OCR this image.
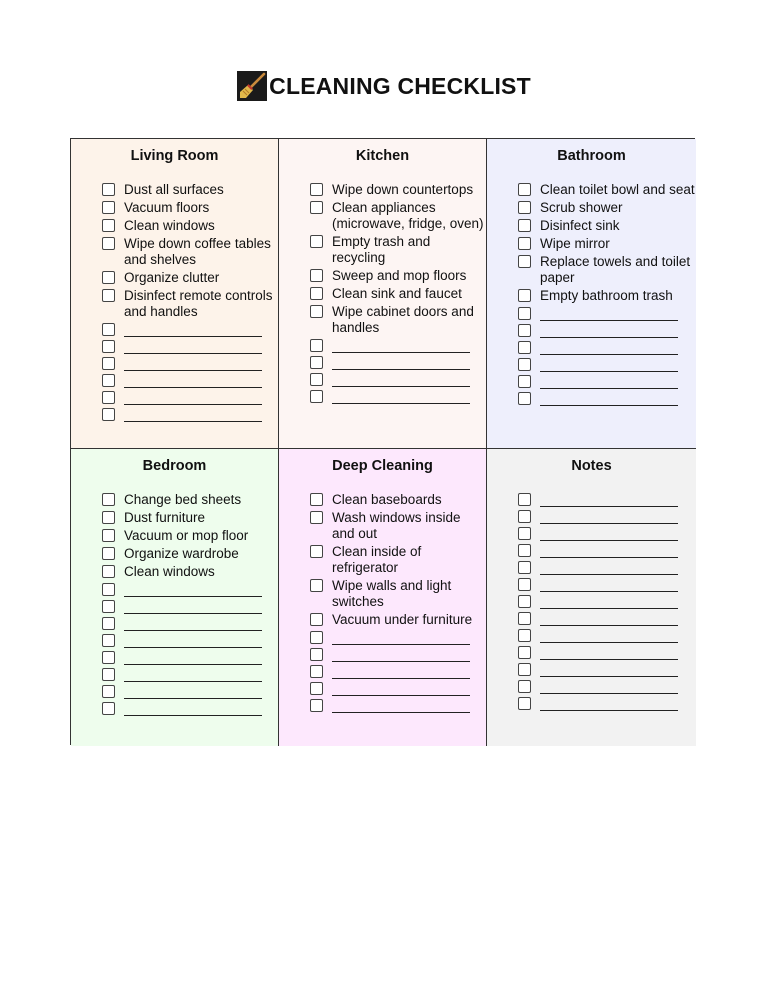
CLEANING CHECKLIST
Living Room
Dust all surfaces
Vacuum floors
Clean windows
Wipe down coffee tables and shelves
Organize clutter
Disinfect remote controls and handles
Kitchen
Wipe down countertops
Clean appliances (microwave, fridge, oven)
Empty trash and recycling
Sweep and mop floors
Clean sink and faucet
Wipe cabinet doors and handles
Bathroom
Clean toilet bowl and seat
Scrub shower
Disinfect sink
Wipe mirror
Replace towels and toilet paper
Empty bathroom trash
Bedroom
Change bed sheets
Dust furniture
Vacuum or mop floor
Organize wardrobe
Clean windows
Deep Cleaning
Clean baseboards
Wash windows inside and out
Clean inside of refrigerator
Wipe walls and light switches
Vacuum under furniture
Notes
